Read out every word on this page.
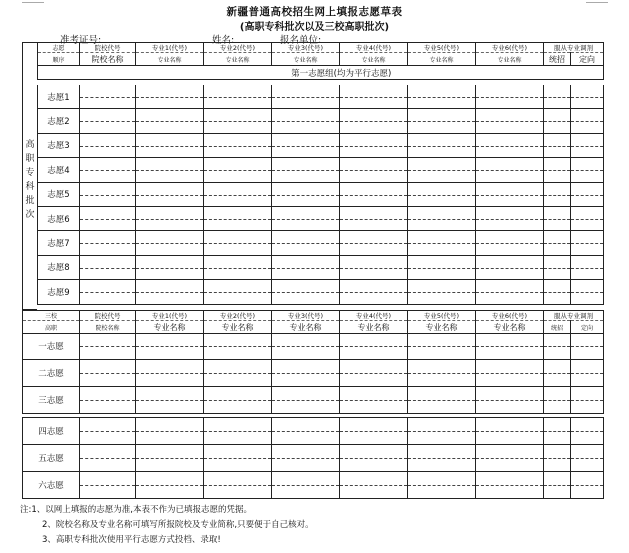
新疆普通高校招生网上填报志愿草表
(高职专科批次以及三校高职批次)
准考证号:	姓名:	报名单位:
高职专科批次
志愿	院校代号	专业1(代号)	专业2(代号)	专业3(代号)	专业4(代号)	专业5(代号)	专业6(代号)	服从专业调剂	
顺序	院校名称	专业名称	专业名称	专业名称	专业名称	专业名称	专业名称	统招	定向
	第一志愿组(均为平行志愿)								
志愿1	

志愿2	

志愿3	

志愿4	

志愿5	

志愿6	

志愿7	

志愿8	

志愿9	

三校	院校代号	专业1(代号)	专业2(代号)	专业3(代号)	专业4(代号)	专业5(代号)	专业6(代号)	服从专业调剂	
高职	院校名称	专业名称	专业名称	专业名称	专业名称	专业名称	专业名称	统招	定向
一志愿	

二志愿	

三志愿	

四志愿	

五志愿	

六志愿	

注:1、以网上填报的志愿为准,本表不作为已填报志愿的凭据。
2、院校名称及专业名称可填写所报院校及专业简称,只要便于自己核对。
3、高职专科批次使用平行志愿方式投档、录取!
